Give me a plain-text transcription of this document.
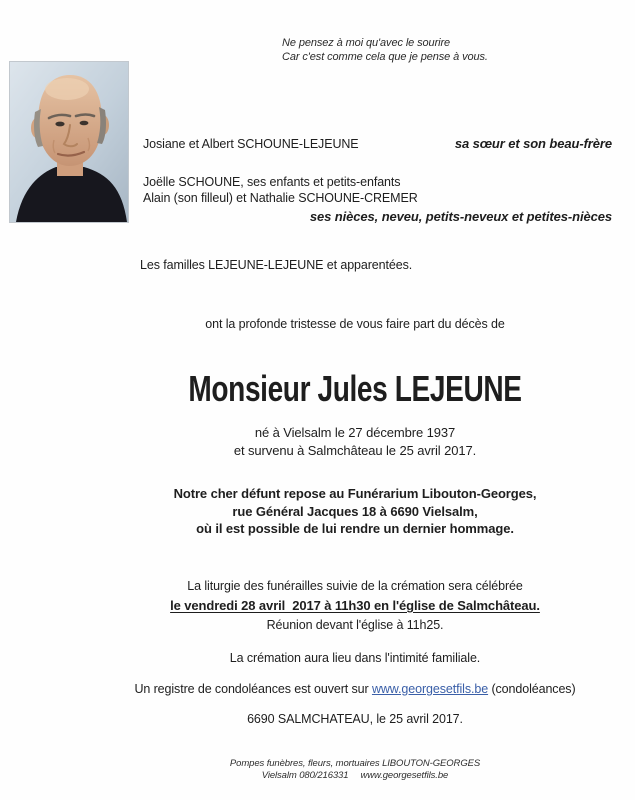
Ne pensez à moi qu'avec le sourire
Car c'est comme cela que je pense à vous.
Josiane et Albert SCHOUNE-LEJEUNE	sa sœur et son beau-frère
Joëlle SCHOUNE, ses enfants et petits-enfants
Alain (son filleul) et Nathalie SCHOUNE-CREMER
ses nièces, neveu, petits-neveux et petites-nièces
Les familles LEJEUNE-LEJEUNE et apparentées.
ont la profonde tristesse de vous faire part du décès de
Monsieur Jules LEJEUNE
né à Vielsalm le 27 décembre 1937
et survenu à Salmchâteau le 25 avril 2017.
Notre cher défunt repose au Funérarium Libouton-Georges,
rue Général Jacques 18 à 6690 Vielsalm,
où il est possible de lui rendre un dernier hommage.
La liturgie des funérailles suivie de la crémation sera célébrée
le vendredi 28 avril  2017 à 11h30 en l'église de Salmchâteau.
Réunion devant l'église à 11h25.
La crémation aura lieu dans l'intimité familiale.
Un registre de condoléances est ouvert sur www.georgesetfils.be (condoléances)
6690 SALMCHATEAU, le 25 avril 2017.
Pompes funèbres, fleurs, mortuaires LIBOUTON-GEORGES
Vielsalm 080/216331 www.georgesetfils.be
